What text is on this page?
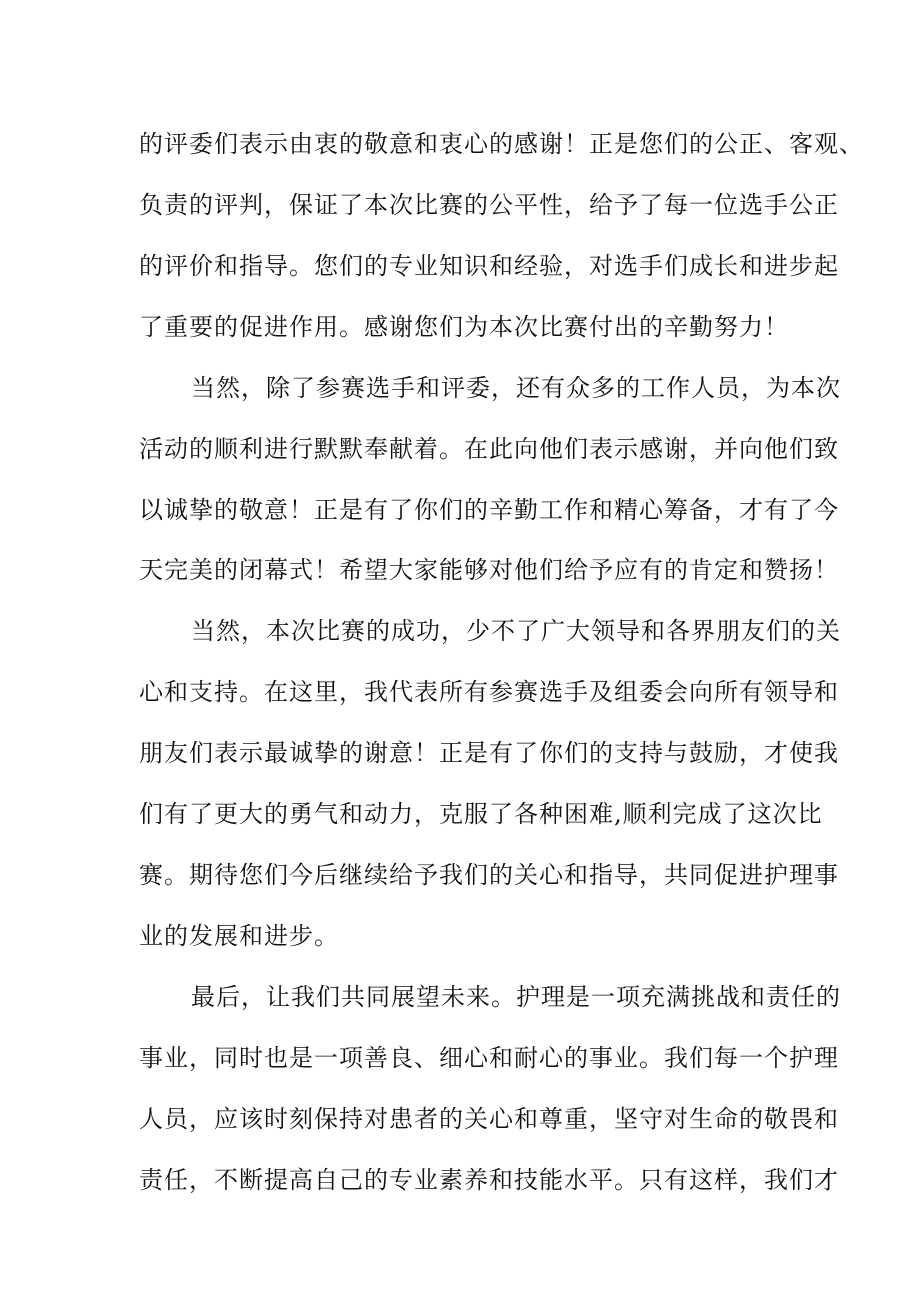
的评委们表示由衷的敬意和衷心的感谢！正是您们的公正、客观、
负责的评判，保证了本次比赛的公平性，给予了每一位选手公正
的评价和指导。您们的专业知识和经验，对选手们成长和进步起
了重要的促进作用。感谢您们为本次比赛付出的辛勤努力！
当然，除了参赛选手和评委，还有众多的工作人员，为本次
活动的顺利进行默默奉献着。在此向他们表示感谢，并向他们致
以诚挚的敬意！正是有了你们的辛勤工作和精心筹备，才有了今
天完美的闭幕式！希望大家能够对他们给予应有的肯定和赞扬！
当然，本次比赛的成功，少不了广大领导和各界朋友们的关
心和支持。在这里，我代表所有参赛选手及组委会向所有领导和
朋友们表示最诚挚的谢意！正是有了你们的支持与鼓励，才使我
们有了更大的勇气和动力，克服了各种困难,顺利完成了这次比
赛。期待您们今后继续给予我们的关心和指导，共同促进护理事
业的发展和进步。
最后，让我们共同展望未来。护理是一项充满挑战和责任的
事业，同时也是一项善良、细心和耐心的事业。我们每一个护理
人员，应该时刻保持对患者的关心和尊重，坚守对生命的敬畏和
责任，不断提高自己的专业素养和技能水平。只有这样，我们才
